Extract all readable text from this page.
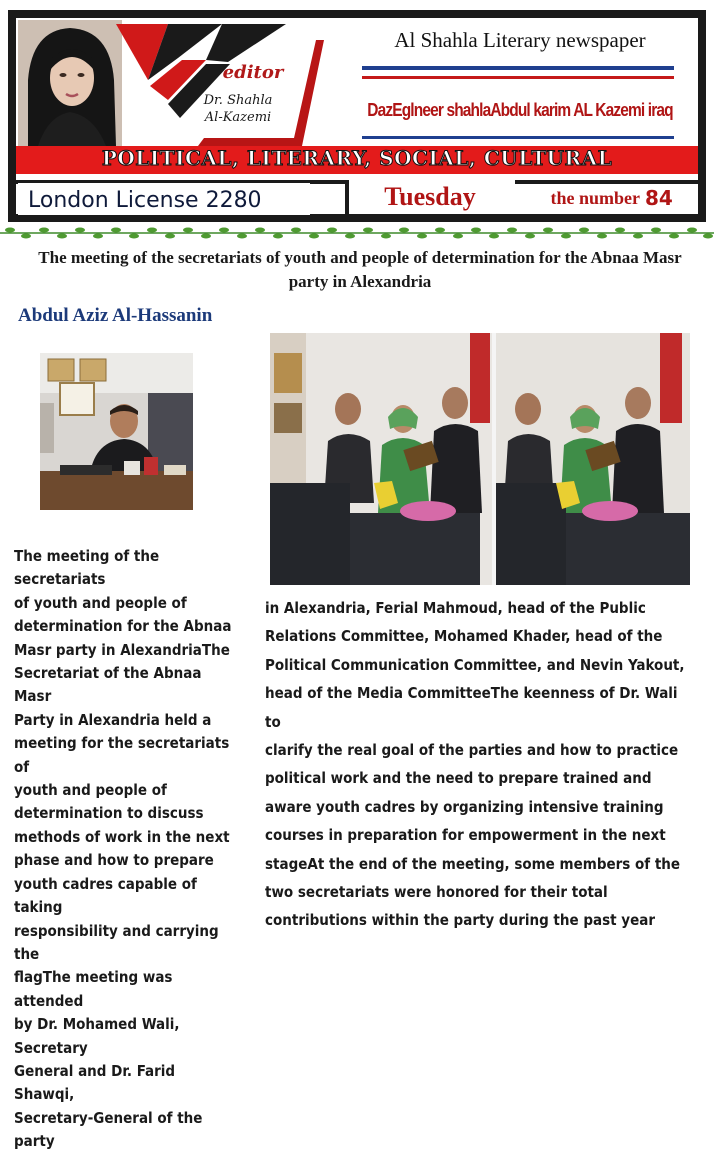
editor
Dr. Shahla
Al-Kazemi
Al Shahla Literary newspaper
DazEglneer shahlaAbdul karim AL Kazemi iraq
POLITICAL, LITERARY, SOCIAL, CULTURAL
London License 2280	Tuesday	the number 84
The meeting of the secretariats of youth and people of determination for the Abnaa Masr party in Alexandria
Abdul Aziz Al-Hassanin

The meeting of the secretariats
of youth and people of
determination for the Abnaa
Masr party in AlexandriaThe
Secretariat of the Abnaa Masr
Party in Alexandria held a
meeting for the secretariats of
youth and people of
determination to discuss
methods of work in the next
phase and how to prepare
youth cadres capable of taking
responsibility and carrying the
flagThe meeting was attended
by Dr. Mohamed Wali, Secretary
General and Dr. Farid Shawqi,
Secretary-General of the party

in Alexandria, Ferial Mahmoud, head of the Public
Relations Committee, Mohamed Khader, head of the
Political Communication Committee, and Nevin Yakout,
head of the Media CommitteeThe keenness of Dr. Wali to
clarify the real goal of the parties and how to practice
political work and the need to prepare trained and
aware youth cadres by organizing intensive training
courses in preparation for empowerment in the next
stageAt the end of the meeting, some members of the
two secretariats were honored for their total
contributions within the party during the past year
